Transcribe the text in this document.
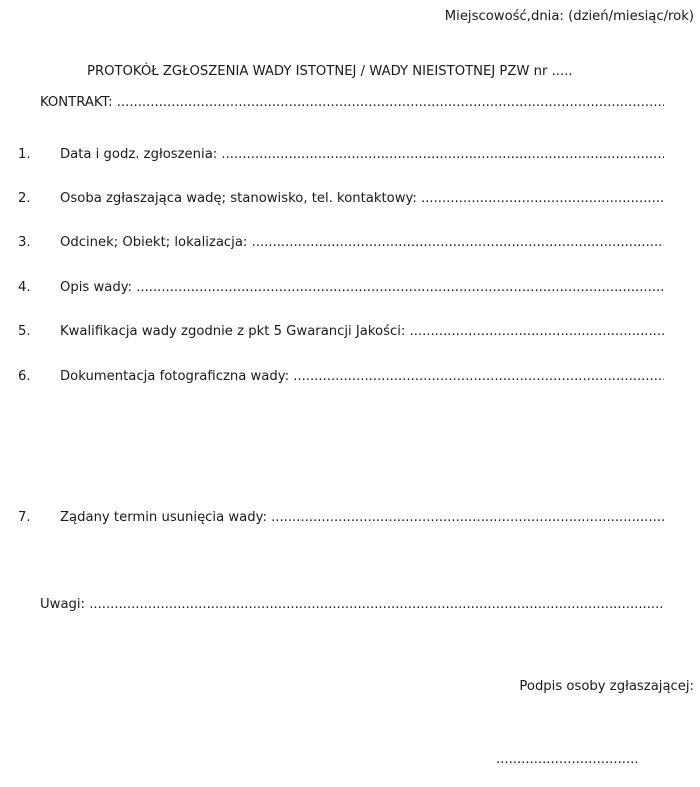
Miejscowość,dnia: (dzień/miesiąc/rok)
PROTOKÓŁ ZGŁOSZENIA WADY ISTOTNEJ / WADY NIEISTOTNEJ PZW nr .....
KONTRAKT: .....
1. Data i godz. zgłoszenia: .....
2. Osoba zgłaszająca wadę; stanowisko, tel. kontaktowy: .....
3. Odcinek; Obiekt; lokalizacja: .....
4. Opis wady: .....
5. Kwalifikacja wady zgodnie z pkt 5 Gwarancji Jakości: .....
6. Dokumentacja fotograficzna wady: .....
7. Żądany termin usunięcia wady: .....
Uwagi: .....
Podpis osoby zgłaszającej:
..................................
